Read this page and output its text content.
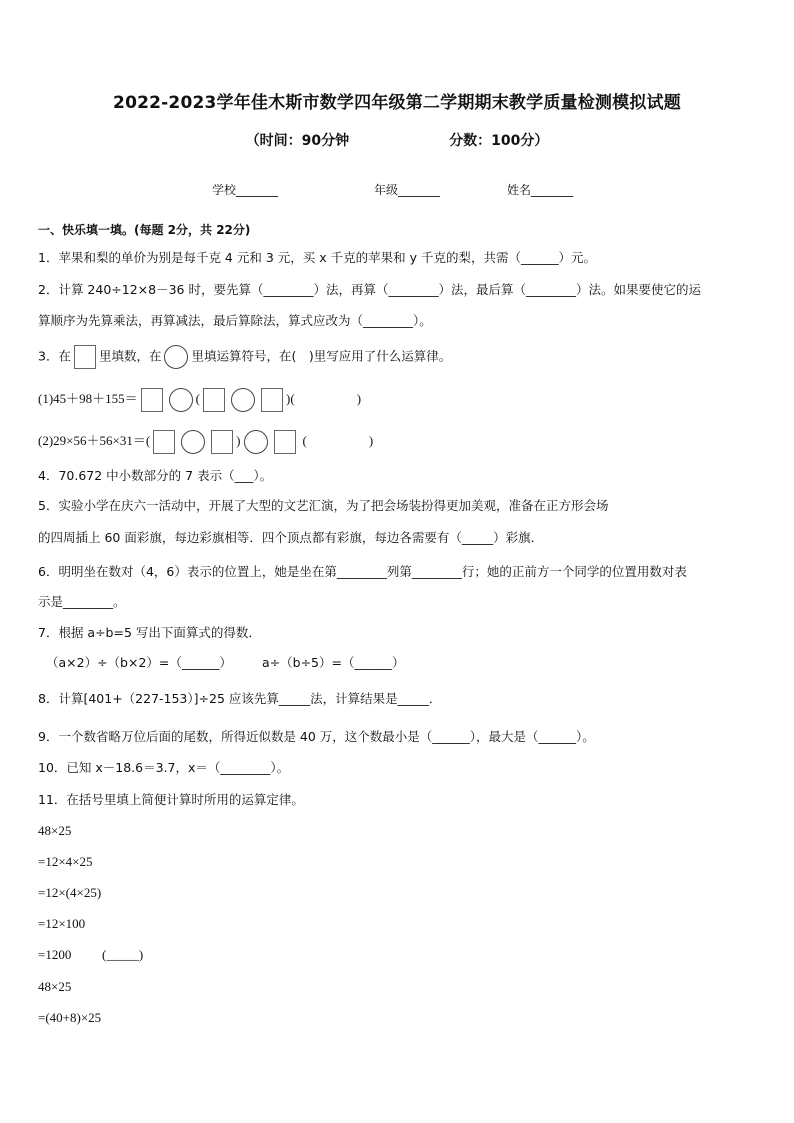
2022-2023学年佳木斯市数学四年级第二学期期末教学质量检测模拟试题
（时间：90分钟	分数：100分）
学校_______	年级_______	姓名_______
一、快乐填一填。(每题 2分，共 22分)
1．苹果和梨的单价为别是每千克 4 元和 3 元，买 x 千克的苹果和 y 千克的梨，共需（______）元。
2．计算 240÷12×8－36 时，要先算（________）法，再算（________）法，最后算（________）法。如果要使它的运
算顺序为先算乘法，再算减法，最后算除法，算式应改为（________）。
3．在 里填数，在 里填运算符号，在(　)里写应用了什么运算律。
(1)45＋98＋155＝	(	)(	)
(2)29×56＋56×31＝(	)	(	)
4．70.672 中小数部分的 7 表示（___）。
5．实验小学在庆六一活动中，开展了大型的文艺汇演，为了把会场装扮得更加美观，准备在正方形会场
的四周插上 60 面彩旗，每边彩旗相等．四个顶点都有彩旗，每边各需要有（_____）彩旗．
6．明明坐在数对（4，6）表示的位置上，她是坐在第________列第________行；她的正前方一个同学的位置用数对表
示是________。
7．根据 a÷b=5 写出下面算式的得数．
（a×2）÷（b×2）=（______） a÷（b÷5）=（______）
8．计算[401+（227-153）]÷25 应该先算_____法，计算结果是_____．
9．一个数省略万位后面的尾数，所得近似数是 40 万，这个数最小是（______），最大是（______）。
10．已知 x－18.6＝3.7，x＝（________）。
11．在括号里填上简便计算时所用的运算定律。
48×25
=12×4×25
=12×(4×25)
=12×100
=1200 (_____)
48×25
=(40+8)×25
